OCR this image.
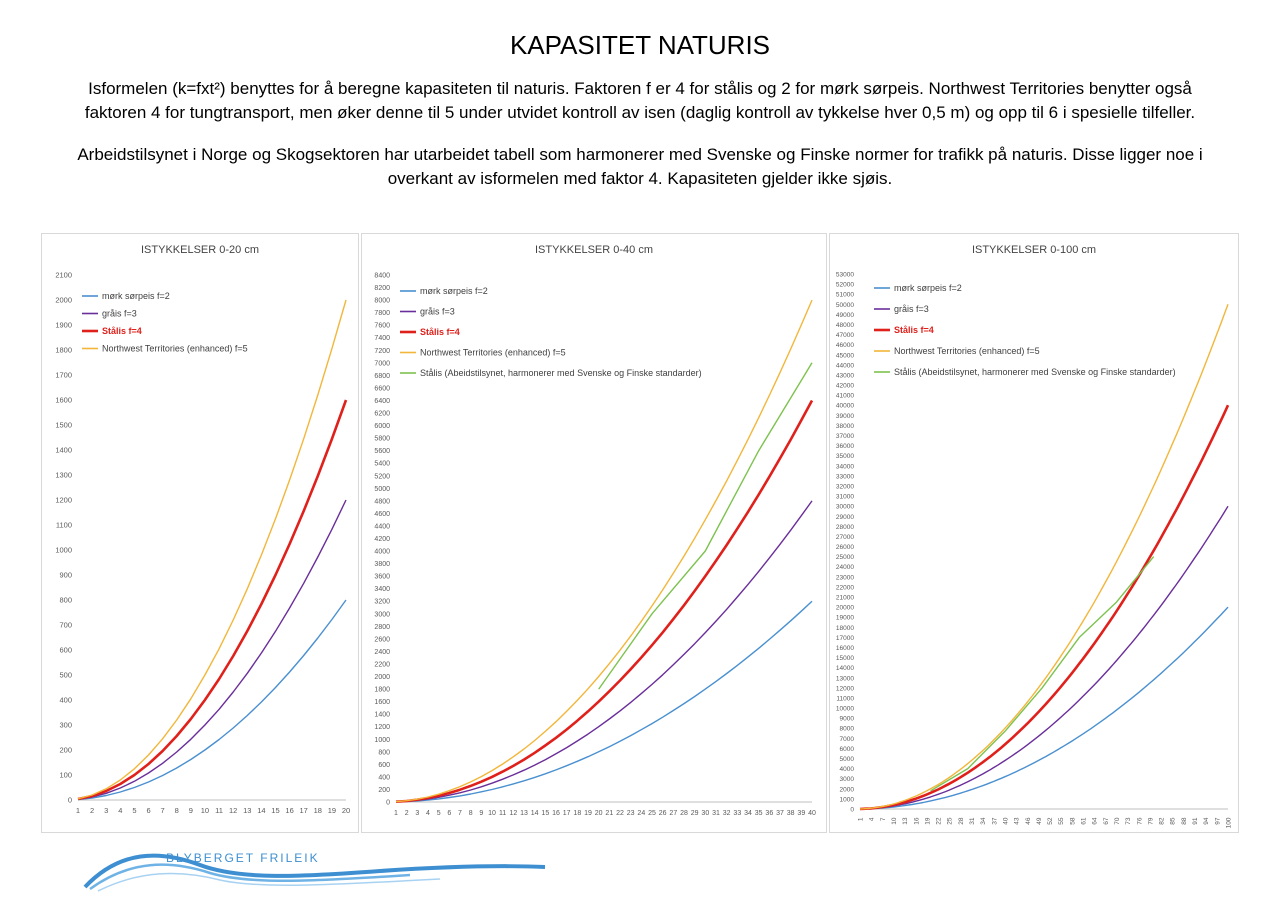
KAPASITET NATURIS

Isformelen (k=fxt²) benyttes for å beregne kapasiteten til naturis. Faktoren f er 4 for stålis og 2 for mørk sørpeis. Northwest Territories benytter også faktoren 4 for tungtransport, men øker denne til 5 under utvidet kontroll av isen (daglig kontroll av tykkelse hver 0,5 m) og opp til 6 i spesielle tilfeller.

Arbeidstilsynet i Norge og Skogsektoren har utarbeidet tabell som harmonerer med Svenske og Finske normer for trafikk på naturis. Disse ligger noe i overkant av isformelen med faktor 4. Kapasiteten gjelder ikke sjøis.

ISTYKKELSER 0-20 cm
0
100
200
300
400
500
600
700
800
900
1000
1100
1200
1300
1400
1500
1600
1700
1800
1900
2000
2100
1 2 3 4 5 6 7 8 9 10 11 12 13 14 15 16 17 18 19 20
mørk sørpeis f=2
gråis f=3
Stålis f=4
Northwest Territories (enhanced) f=5
ISTYKKELSER 0-40 cm
0
200
400
600
800
1000
1200
1400
1600
1800
2000
2200
2400
2600
2800
3000
3200
3400
3600
3800
4000
4200
4400
4600
4800
5000
5200
5400
5600
5800
6000
6200
6400
6600
6800
7000
7200
7400
7600
7800
8000
8200
8400
1 2 3 4 5 6 7 8 9 10 11 12 13 14 15 16 17 18 19 20 21 22 23 24 25 26 27 28 29 30 31 32 33 34 35 36 37 38 39 40
mørk sørpeis f=2
gråis f=3
Stålis f=4
Northwest Territories (enhanced) f=5
Stålis (Abeidstilsynet, harmonerer med Svenske og Finske standarder)
ISTYKKELSER 0-100 cm
0
1000
2000
3000
4000
5000
6000
7000
8000
9000
10000
11000
12000
13000
14000
15000
16000
17000
18000
19000
20000
21000
22000
23000
24000
25000
26000
27000
28000
29000
30000
31000
32000
33000
34000
35000
36000
37000
38000
39000
40000
41000
42000
43000
44000
45000
46000
47000
48000
49000
50000
51000
52000
53000
1 4 7 10 13 16 19 22 25 28 31 34 37 40 43 46 49 52 55 58 61 64 67 70 73 76 79 82 85 88 91 94 97 100
mørk sørpeis f=2
gråis f=3
Stålis f=4
Northwest Territories (enhanced) f=5
Stålis (Abeidstilsynet, harmonerer med Svenske og Finske standarder)
BLYBERGET FRILEIK
